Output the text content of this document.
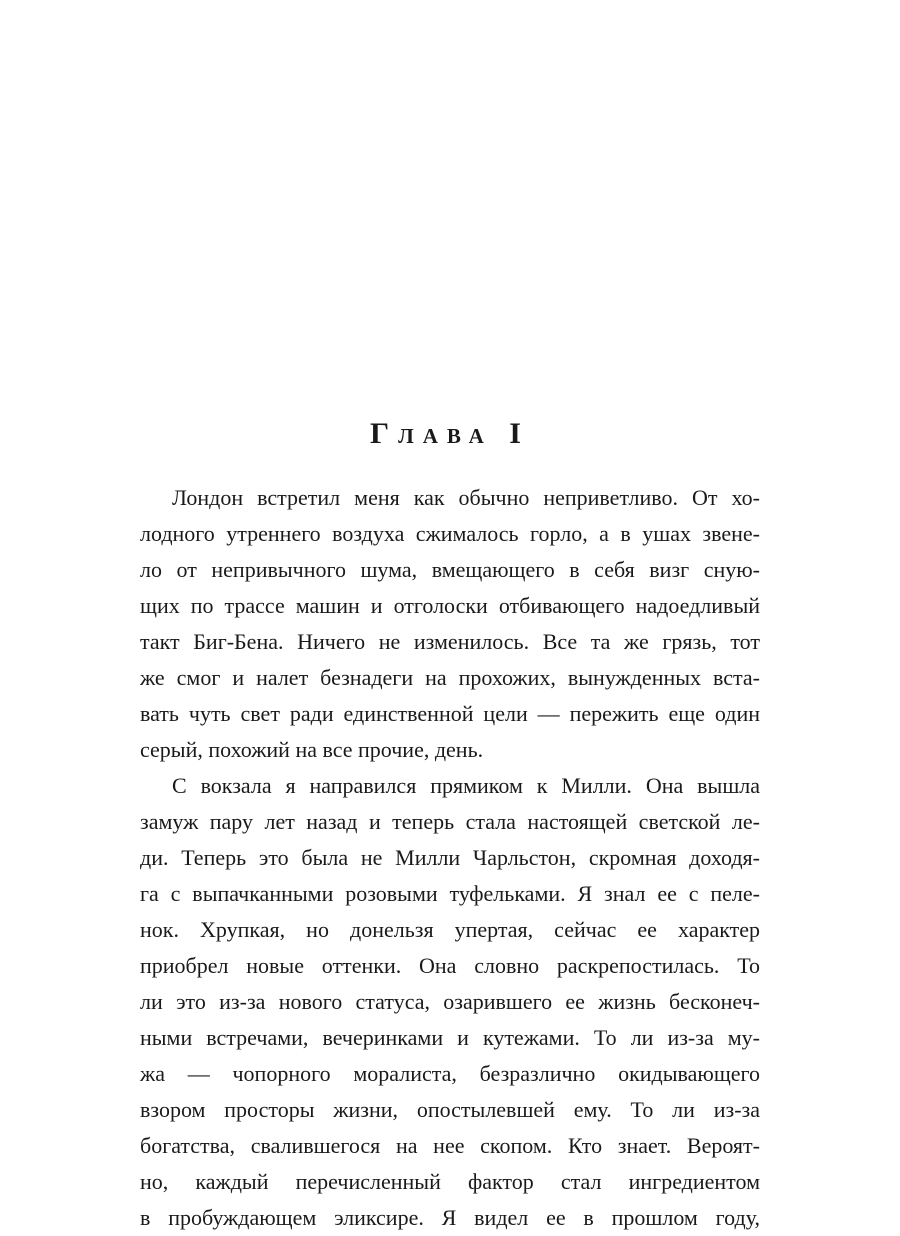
Глава I
Лондон встретил меня как обычно неприветливо. От хо-
лодного утреннего воздуха сжималось горло, а в ушах звене-
ло от непривычного шума, вмещающего в себя визг сную-
щих по трассе машин и отголоски отбивающего надоедливый
такт Биг-Бена. Ничего не изменилось. Все та же грязь, тот
же смог и налет безнадеги на прохожих, вынужденных вста-
вать чуть свет ради единственной цели — пережить еще один
серый, похожий на все прочие, день.
С вокзала я направился прямиком к Милли. Она вышла
замуж пару лет назад и теперь стала настоящей светской ле-
ди. Теперь это была не Милли Чарльстон, скромная доходя-
га с выпачканными розовыми туфельками. Я знал ее с пеле-
нок. Хрупкая, но донельзя упертая, сейчас ее характер
приобрел новые оттенки. Она словно раскрепостилась. То
ли это из-за нового статуса, озарившего ее жизнь бесконеч-
ными встречами, вечеринками и кутежами. То ли из-за му-
жа — чопорного моралиста, безразлично окидывающего
взором просторы жизни, опостылевшей ему. То ли из-за
богатства, свалившегося на нее скопом. Кто знает. Вероят-
но, каждый перечисленный фактор стал ингредиентом
в пробуждающем эликсире. Я видел ее в прошлом году,
